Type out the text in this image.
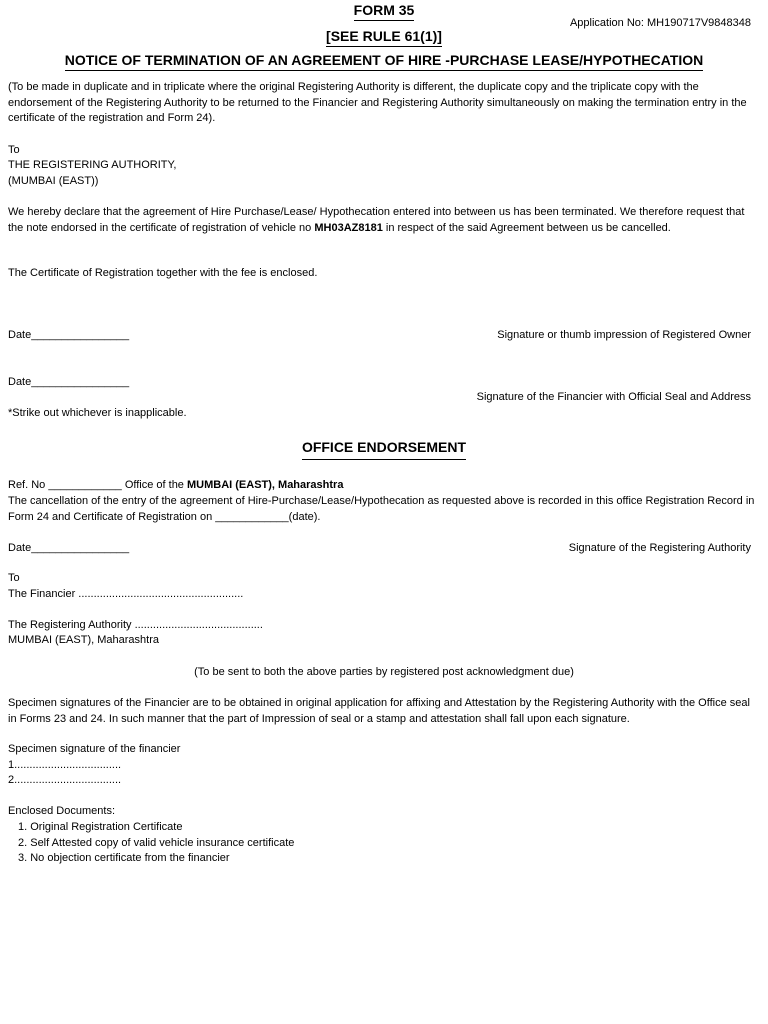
FORM 35
Application No: MH190717V9848348
[SEE RULE 61(1)]
NOTICE OF TERMINATION OF AN AGREEMENT OF HIRE -PURCHASE LEASE/HYPOTHECATION
(To be made in duplicate and in triplicate where the original Registering Authority is different, the duplicate copy and the triplicate copy with the endorsement of the Registering Authority to be returned to the Financier and Registering Authority simultaneously on making the termination entry in the certificate of the registration and Form 24).
To
THE REGISTERING AUTHORITY,
(MUMBAI (EAST))
We hereby declare that the agreement of Hire Purchase/Lease/ Hypothecation entered into between us has been terminated. We therefore request that the note endorsed in the certificate of registration of vehicle no MH03AZ8181 in respect of the said Agreement between us be cancelled.
The Certificate of Registration together with the fee is enclosed.
Date________________	Signature or thumb impression of Registered Owner
Date________________
Signature of the Financier with Official Seal and Address
*Strike out whichever is inapplicable.
OFFICE ENDORSEMENT
Ref. No ____________ Office of the MUMBAI (EAST), Maharashtra
The cancellation of the entry of the agreement of Hire-Purchase/Lease/Hypothecation as requested above is recorded in this office Registration Record in Form 24 and Certificate of Registration on ____________(date).
Date________________	Signature of the Registering Authority
To
The Financier ......................................................
The Registering Authority ..........................................
MUMBAI (EAST), Maharashtra
(To be sent to both the above parties by registered post acknowledgment due)
Specimen signatures of the Financier are to be obtained in original application for affixing and Attestation by the Registering Authority with the Office seal in Forms 23 and 24. In such manner that the part of Impression of seal or a stamp and attestation shall fall upon each signature.
Specimen signature of the financier
1...................................
2...................................
Enclosed Documents:
1. Original Registration Certificate
2. Self Attested copy of valid vehicle insurance certificate
3. No objection certificate from the financier
